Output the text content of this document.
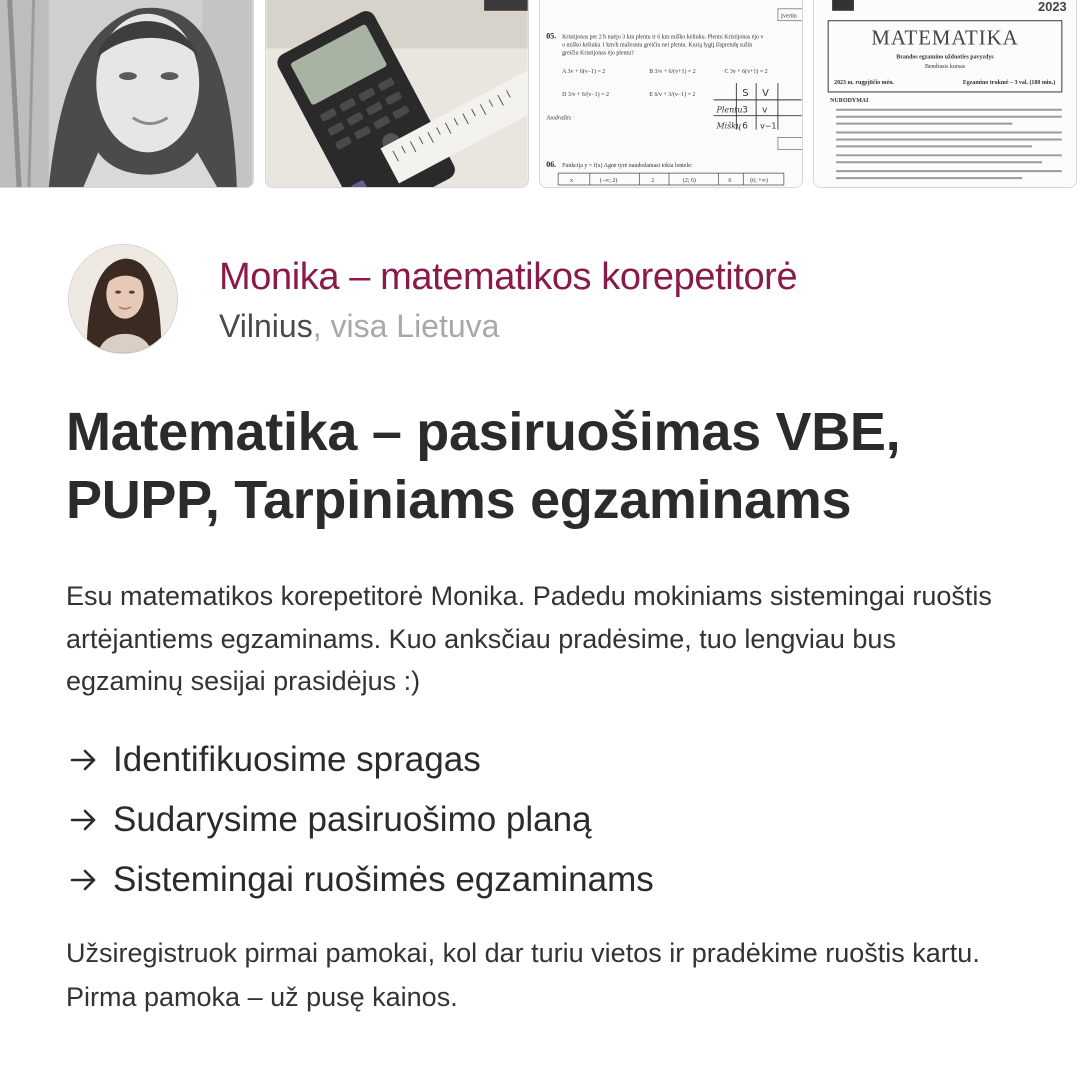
05. Kristijonas per 2 h nuėjo 3 km plentu ir 6 km miško keliuku. Plentu Kristijonas ėjo v
o miško keliuku 1 km/h mažesniu greičiu nei plentu. Kurią lygtį išsprendę sužin
greičiu Kristijonas ėjo plentu?
A 3v + 6(v−1) = 2	B 3/v + 6/(v+1) = 2	C 3v + 6(v+1) = 2
D 3/v + 6/(v−1) = 2	E 6/v + 3/(v−1) = 2
Juodraštis
06. Funkcija y = f(x) Agnė tyrė naudodamasi tokia lentele:
Įvertin
S V
Plentu 3 v
Miškų 6 v−1
x	(−∞; 2)	2	(2; 6)	6	(6; +∞)
2023
MATEMATIKA
Brandos egzamino užduoties pavyzdys
Bendrasis kursas
2023 m. rugpjūčio mėn.	Egzamino trukmė – 3 val. (180 min.)
NURODYMAI
Monika – matematikos korepetitorė
Vilnius, visa Lietuva
Matematika – pasiruošimas VBE, PUPP, Tarpiniams egzaminams

Esu matematikos korepetitorė Monika. Padedu mokiniams sistemingai ruoštis artėjantiems egzaminams. Kuo anksčiau pradėsime, tuo lengviau bus egzaminų sesijai prasidėjus :)

Identifikuosime spragas
Sudarysime pasiruošimo planą
Sistemingai ruošimės egzaminams

Užsiregistruok pirmai pamokai, kol dar turiu vietos ir pradėkime ruoštis kartu. Pirma pamoka – už pusę kainos.
